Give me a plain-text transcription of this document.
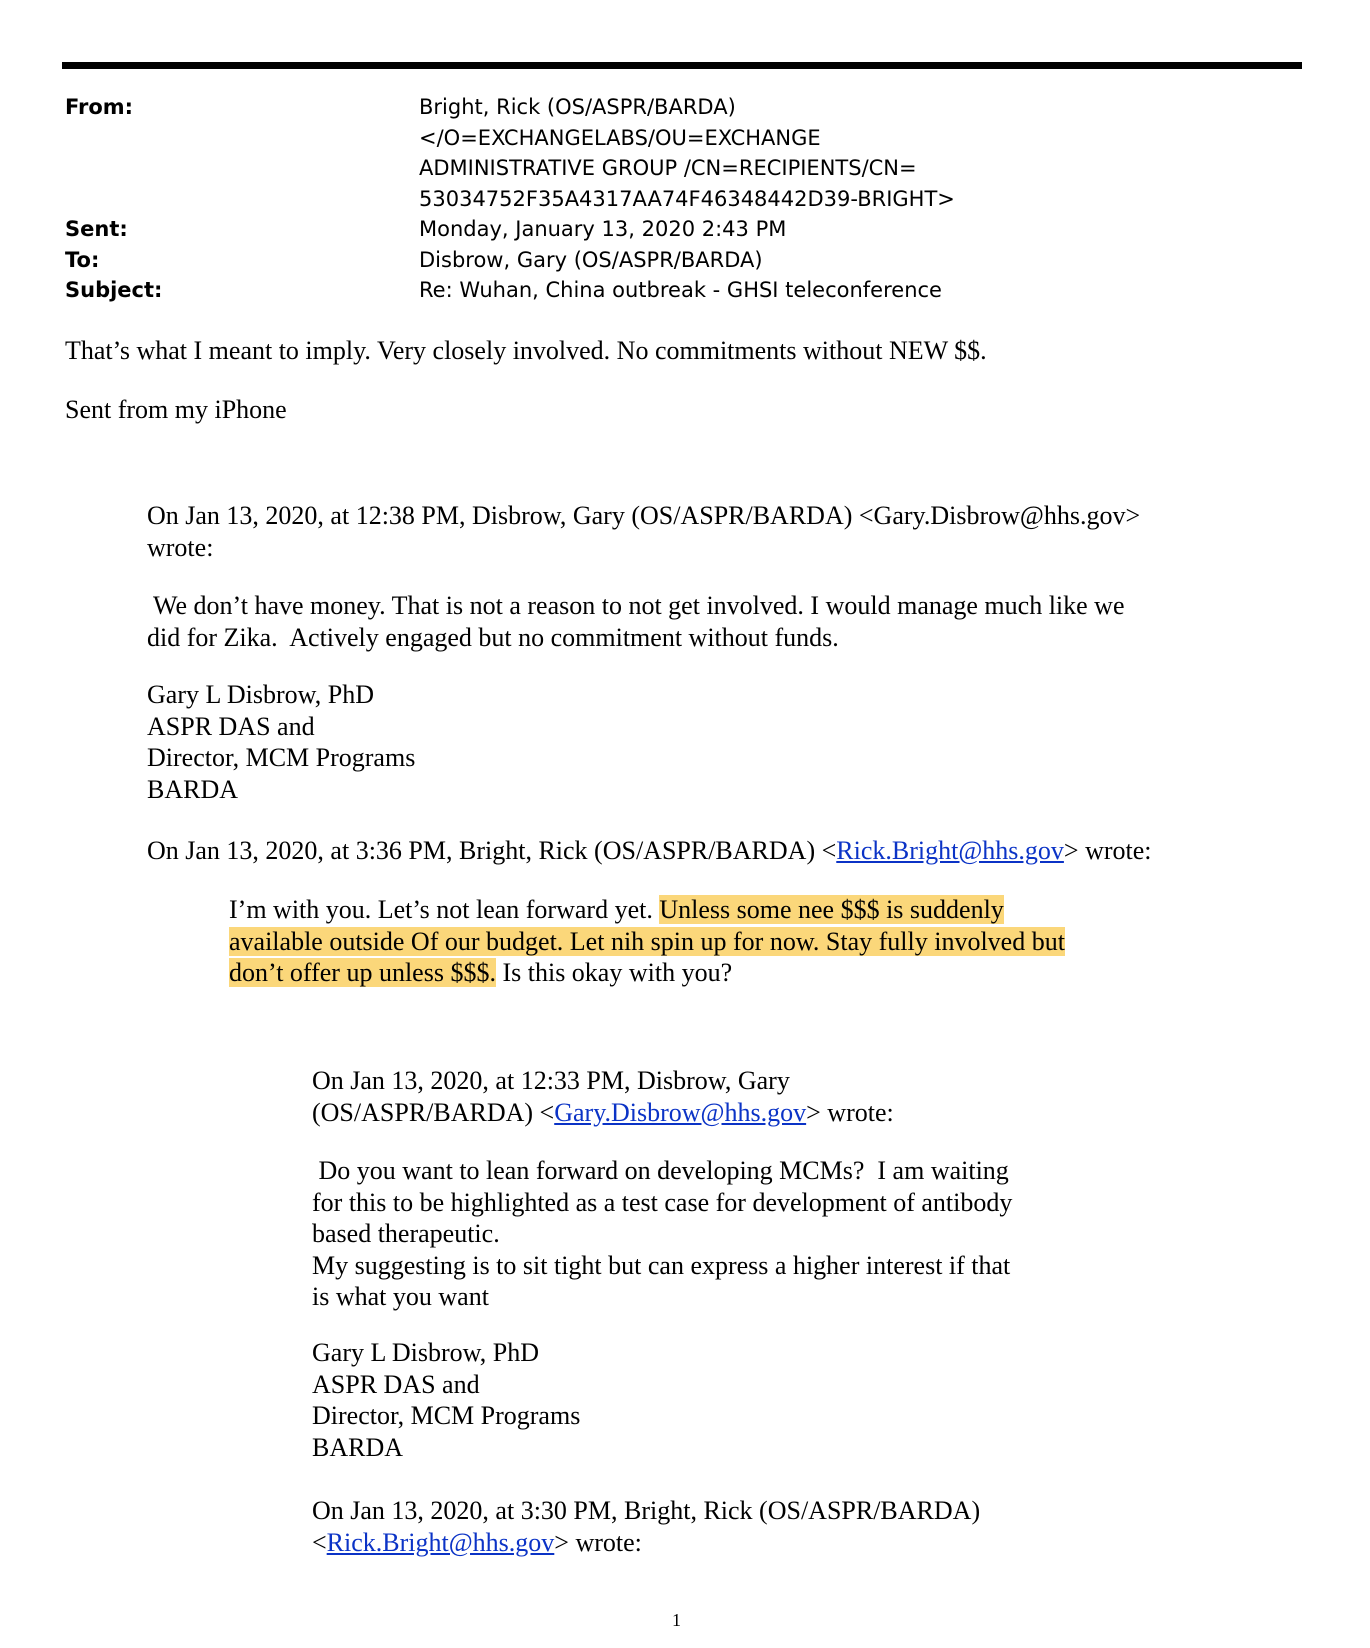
From:	Bright, Rick (OS/ASPR/BARDA) </O=EXCHANGELABS/OU=EXCHANGE
ADMINISTRATIVE GROUP /CN=RECIPIENTS/CN=
53034752F35A4317AA74F46348442D39-BRIGHT>
Sent:	Monday, January 13, 2020 2:43 PM
To:	Disbrow, Gary (OS/ASPR/BARDA)
Subject:	Re: Wuhan, China outbreak - GHSI teleconference

That’s what I meant to imply. Very closely involved. No commitments without NEW $$.

Sent from my iPhone

On Jan 13, 2020, at 12:38 PM, Disbrow, Gary (OS/ASPR/BARDA) <Gary.Disbrow@hhs.gov>

wrote:

We don’t have money. That is not a reason to not get involved. I would manage much like we

did for Zika.  Actively engaged but no commitment without funds.

Gary L Disbrow, PhD

ASPR DAS and

Director, MCM Programs

BARDA

On Jan 13, 2020, at 3:36 PM, Bright, Rick (OS/ASPR/BARDA) <Rick.Bright@hhs.gov> wrote:

I’m with you. Let’s not lean forward yet. Unless some nee $$$ is suddenly

available outside Of our budget. Let nih spin up for now. Stay fully involved but

don’t offer up unless $$$. Is this okay with you?

On Jan 13, 2020, at 12:33 PM, Disbrow, Gary

(OS/ASPR/BARDA) <Gary.Disbrow@hhs.gov> wrote:

Do you want to lean forward on developing MCMs?  I am waiting

for this to be highlighted as a test case for development of antibody

based therapeutic.

My suggesting is to sit tight but can express a higher interest if that

is what you want

Gary L Disbrow, PhD

ASPR DAS and

Director, MCM Programs

BARDA

On Jan 13, 2020, at 3:30 PM, Bright, Rick (OS/ASPR/BARDA)

<Rick.Bright@hhs.gov> wrote:

1
